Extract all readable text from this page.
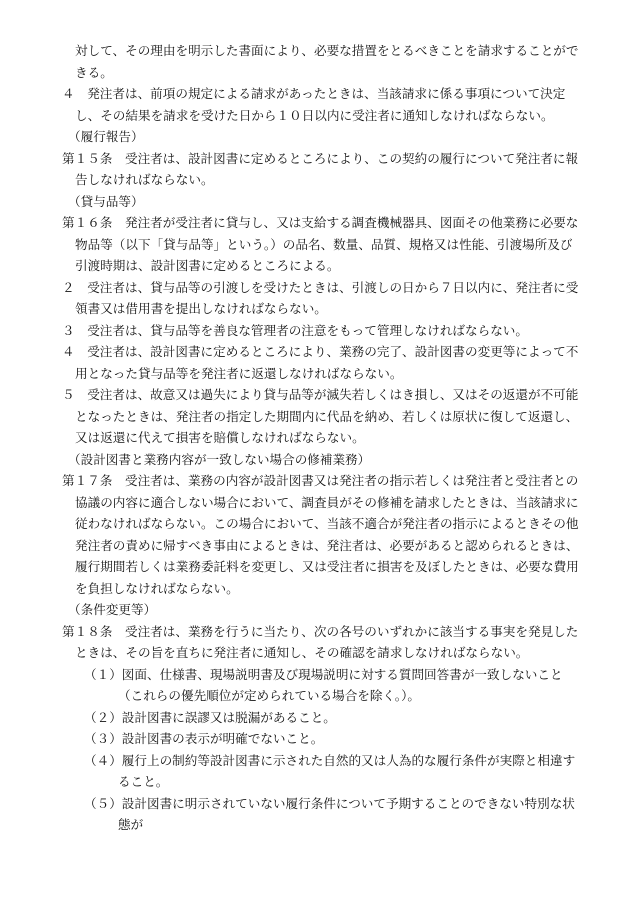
対して、その理由を明示した書面により、必要な措置をとるべきことを請求することができる。

４　発注者は、前項の規定による請求があったときは、当該請求に係る事項について決定し、その結果を請求を受けた日から１０日以内に受注者に通知しなければならない。

（履行報告）

第１５条　受注者は、設計図書に定めるところにより、この契約の履行について発注者に報告しなければならない。

（貸与品等）

第１６条　発注者が受注者に貸与し、又は支給する調査機械器具、図面その他業務に必要な物品等（以下「貸与品等」という。）の品名、数量、品質、規格又は性能、引渡場所及び引渡時期は、設計図書に定めるところによる。

２　受注者は、貸与品等の引渡しを受けたときは、引渡しの日から７日以内に、発注者に受領書又は借用書を提出しなければならない。

３　受注者は、貸与品等を善良な管理者の注意をもって管理しなければならない。

４　受注者は、設計図書に定めるところにより、業務の完了、設計図書の変更等によって不用となった貸与品等を発注者に返還しなければならない。

５　受注者は、故意又は過失により貸与品等が滅失若しくはき損し、又はその返還が不可能となったときは、発注者の指定した期間内に代品を納め、若しくは原状に復して返還し、又は返還に代えて損害を賠償しなければならない。

（設計図書と業務内容が一致しない場合の修補業務）

第１７条　受注者は、業務の内容が設計図書又は発注者の指示若しくは発注者と受注者との協議の内容に適合しない場合において、調査員がその修補を請求したときは、当該請求に従わなければならない。この場合において、当該不適合が発注者の指示によるときその他発注者の責めに帰すべき事由によるときは、発注者は、必要があると認められるときは、履行期間若しくは業務委託料を変更し、又は受注者に損害を及ぼしたときは、必要な費用を負担しなければならない。

（条件変更等）

第１８条　受注者は、業務を行うに当たり、次の各号のいずれかに該当する事実を発見したときは、その旨を直ちに発注者に通知し、その確認を請求しなければならない。

（１）図面、仕様書、現場説明書及び現場説明に対する質問回答書が一致しないこと（これらの優先順位が定められている場合を除く。）。

（２）設計図書に誤謬又は脱漏があること。

（３）設計図書の表示が明確でないこと。

（４）履行上の制約等設計図書に示された自然的又は人為的な履行条件が実際と相違すること。

（５）設計図書に明示されていない履行条件について予期することのできない特別な状態が
